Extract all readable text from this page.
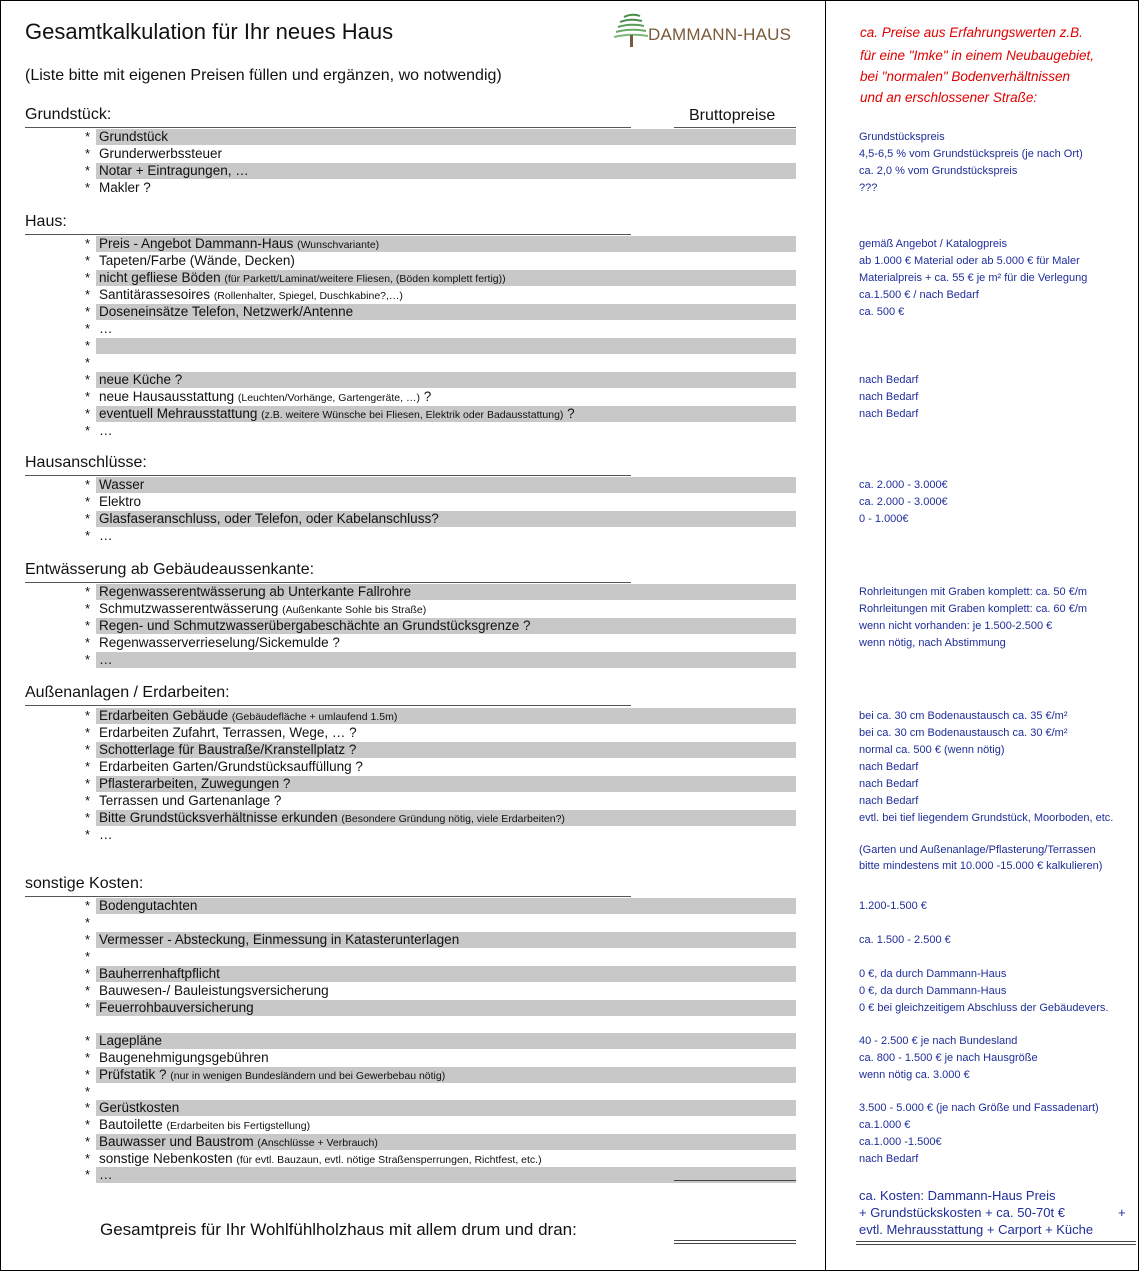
Gesamtkalkulation für Ihr neues Haus
(Liste bitte mit eigenen Preisen füllen und ergänzen, wo notwendig)
DAMMANN-HAUS
Grundstück:
Haus:
Hausanschlüsse:
Entwässerung ab Gebäudeaussenkante:
Außenanlagen / Erdarbeiten:
sonstige Kosten:
Bruttopreise
ca. Preise aus Erfahrungswerten z.B.
für eine "Imke" in einem Neubaugebiet,
bei "normalen" Bodenverhältnissen
und an erschlossener Straße:
* Grundstück
* Grunderwerbssteuer
* Notar + Eintragungen, …
* Makler ?
* Preis - Angebot Dammann-Haus (Wunschvariante)
* Tapeten/Farbe (Wände, Decken)
* nicht gefliese Böden (für Parkett/Laminat/weitere Fliesen, (Böden komplett fertig))
* Santitärassesoires (Rollenhalter, Spiegel, Duschkabine?,…)
* Doseneinsätze Telefon, Netzwerk/Antenne
* …
*
*
* neue Küche ?
* neue Hausausstattung (Leuchten/Vorhänge, Gartengeräte, …) ?
* eventuell Mehrausstattung (z.B. weitere Wünsche bei Fliesen, Elektrik oder Badausstattung) ?
* …
* Wasser
* Elektro
* Glasfaseranschluss, oder Telefon, oder Kabelanschluss?
* …
* Regenwasserentwässerung ab Unterkante Fallrohre
* Schmutzwasserentwässerung (Außenkante Sohle bis Straße)
* Regen- und Schmutzwasserübergabeschächte an Grundstücksgrenze ?
* Regenwasserverrieselung/Sickemulde ?
* …
* Erdarbeiten Gebäude (Gebäudefläche + umlaufend 1.5m)
* Erdarbeiten Zufahrt, Terrassen, Wege, … ?
* Schotterlage für Baustraße/Kranstellplatz ?
* Erdarbeiten Garten/Grundstücksauffüllung ?
* Pflasterarbeiten, Zuwegungen ?
* Terrassen und Gartenanlage ?
* Bitte Grundstücksverhältnisse erkunden (Besondere Gründung nötig, viele Erdarbeiten?)
* …
* Bodengutachten
*
* Vermesser - Absteckung, Einmessung in Katasterunterlagen
*
* Bauherrenhaftpflicht
* Bauwesen-/ Bauleistungsversicherung
* Feuerrohbauversicherung
* Lagepläne
* Baugenehmigungsgebühren
* Prüfstatik ? (nur in wenigen Bundesländern und bei Gewerbebau nötig)
*
* Gerüstkosten
* Bautoilette (Erdarbeiten bis Fertigstellung)
* Bauwasser und Baustrom (Anschlüsse + Verbrauch)
* sonstige Nebenkosten (für evtl. Bauzaun, evtl. nötige Straßensperrungen, Richtfest, etc.)
* …
Grundstückspreis
4,5-6,5 % vom Grundstückspreis (je nach Ort)
ca. 2,0 % vom Grundstückspreis
???
gemäß Angebot / Katalogpreis
ab 1.000 € Material oder ab 5.000 € für Maler
Materialpreis + ca. 55 € je m² für die Verlegung
ca.1.500 € / nach Bedarf
ca. 500 €
nach Bedarf
nach Bedarf
nach Bedarf
ca. 2.000 - 3.000€
ca. 2.000 - 3.000€
0 - 1.000€
Rohrleitungen mit Graben komplett: ca. 50 €/m
Rohrleitungen mit Graben komplett: ca. 60 €/m
wenn nicht vorhanden: je 1.500-2.500 €
wenn nötig, nach Abstimmung
bei ca. 30 cm Bodenaustausch ca. 35 €/m²
bei ca. 30 cm Bodenaustausch ca. 30 €/m²
normal ca. 500 € (wenn nötig)
nach Bedarf
nach Bedarf
nach Bedarf
evtl. bei tief liegendem Grundstück, Moorboden, etc.
1.200-1.500 €
ca. 1.500 - 2.500 €
0 €, da durch Dammann-Haus
0 €, da durch Dammann-Haus
0 € bei gleichzeitigem Abschluss der Gebäudevers.
40 - 2.500 € je nach Bundesland
ca. 800 - 1.500 € je nach Hausgröße
wenn nötig ca. 3.000 €
3.500 - 5.000 € (je nach Größe und Fassadenart)
ca.1.000 €
ca.1.000 -1.500€
nach Bedarf
(Garten und Außenanlage/Pflasterung/Terrassen
bitte mindestens mit 10.000 -15.000 € kalkulieren)
ca. Kosten: Dammann-Haus Preis
+ Grundstückskosten + ca. 50-70t €	+
evtl. Mehrausstattung + Carport + Küche
Gesamtpreis für Ihr Wohlfühlholzhaus mit allem drum und dran:
